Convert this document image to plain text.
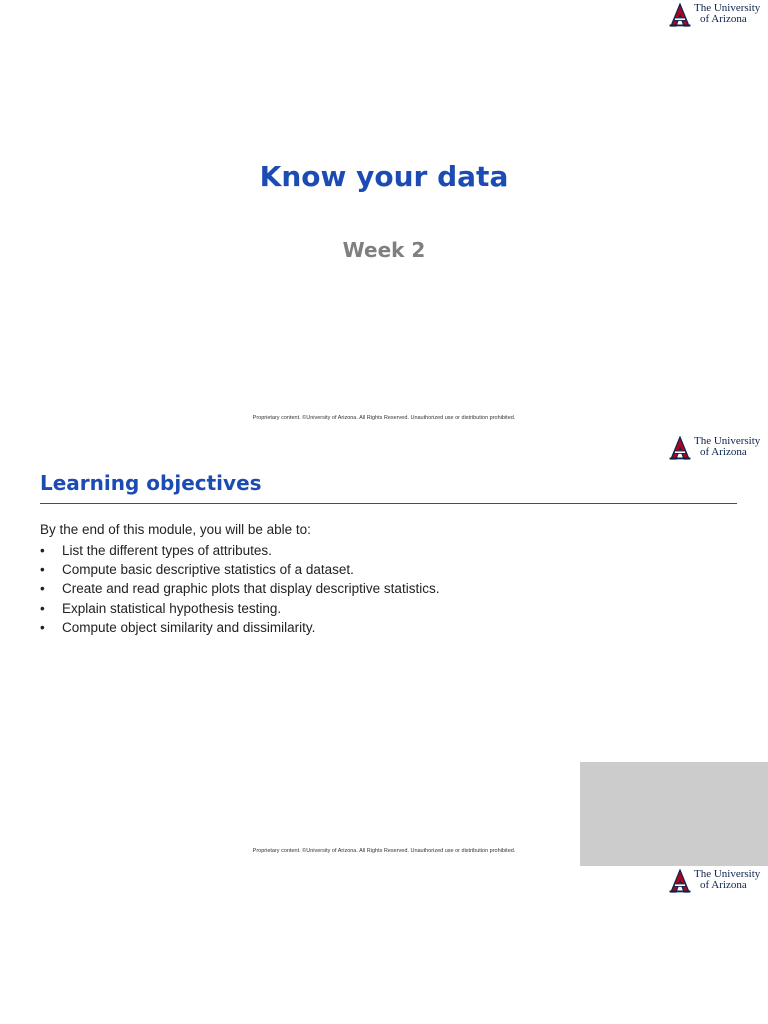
The University
of Arizona
Know your data

Week 2

Proprietary content. ©University of Arizona. All Rights Reserved. Unauthorized use or distribution prohibited.
The University
of Arizona
Learning objectives

By the end of this module, you will be able to:

•	List the different types of attributes.
•	Compute basic descriptive statistics of a dataset.
•	Create and read graphic plots that display descriptive statistics.
•	Explain statistical hypothesis testing.
•	Compute object similarity and dissimilarity.
Proprietary content. ©University of Arizona. All Rights Reserved. Unauthorized use or distribution prohibited.
The University
of Arizona
